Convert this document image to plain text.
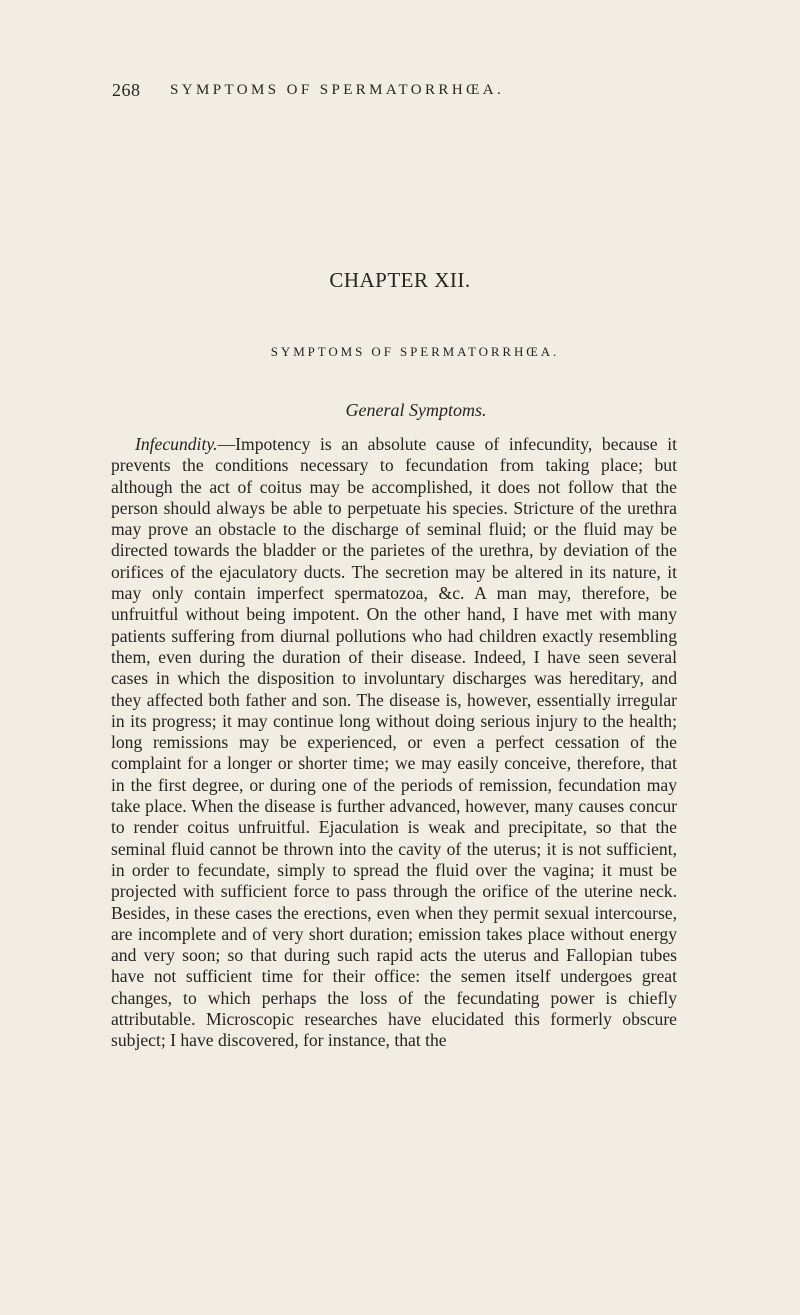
268 SYMPTOMS OF SPERMATORRHŒA.
CHAPTER XII.
SYMPTOMS OF SPERMATORRHŒA.
General Symptoms.

Infecundity.—Impotency is an absolute cause of infecundity, because it prevents the conditions necessary to fecundation from taking place; but although the act of coitus may be accomplished, it does not follow that the person should always be able to perpetuate his species. Stricture of the urethra may prove an obstacle to the discharge of seminal fluid; or the fluid may be directed towards the bladder or the parietes of the urethra, by deviation of the orifices of the ejaculatory ducts. The secretion may be altered in its nature, it may only contain imperfect spermatozoa, &c. A man may, therefore, be unfruitful without being impotent. On the other hand, I have met with many patients suffering from diurnal pollutions who had children exactly resembling them, even during the duration of their disease. Indeed, I have seen several cases in which the disposition to involuntary discharges was hereditary, and they affected both father and son. The disease is, however, essentially irregular in its progress; it may continue long without doing serious injury to the health; long remissions may be experienced, or even a perfect cessation of the complaint for a longer or shorter time; we may easily conceive, therefore, that in the first degree, or during one of the periods of remission, fecundation may take place. When the disease is further advanced, however, many causes concur to render coitus unfruitful. Ejaculation is weak and precipitate, so that the seminal fluid cannot be thrown into the cavity of the uterus; it is not sufficient, in order to fecundate, simply to spread the fluid over the vagina; it must be projected with sufficient force to pass through the orifice of the uterine neck. Besides, in these cases the erections, even when they permit sexual intercourse, are incomplete and of very short duration; emission takes place without energy and very soon; so that during such rapid acts the uterus and Fallopian tubes have not sufficient time for their office: the semen itself undergoes great changes, to which perhaps the loss of the fecundating power is chiefly attributable. Microscopic researches have elucidated this formerly obscure subject; I have discovered, for instance, that the
